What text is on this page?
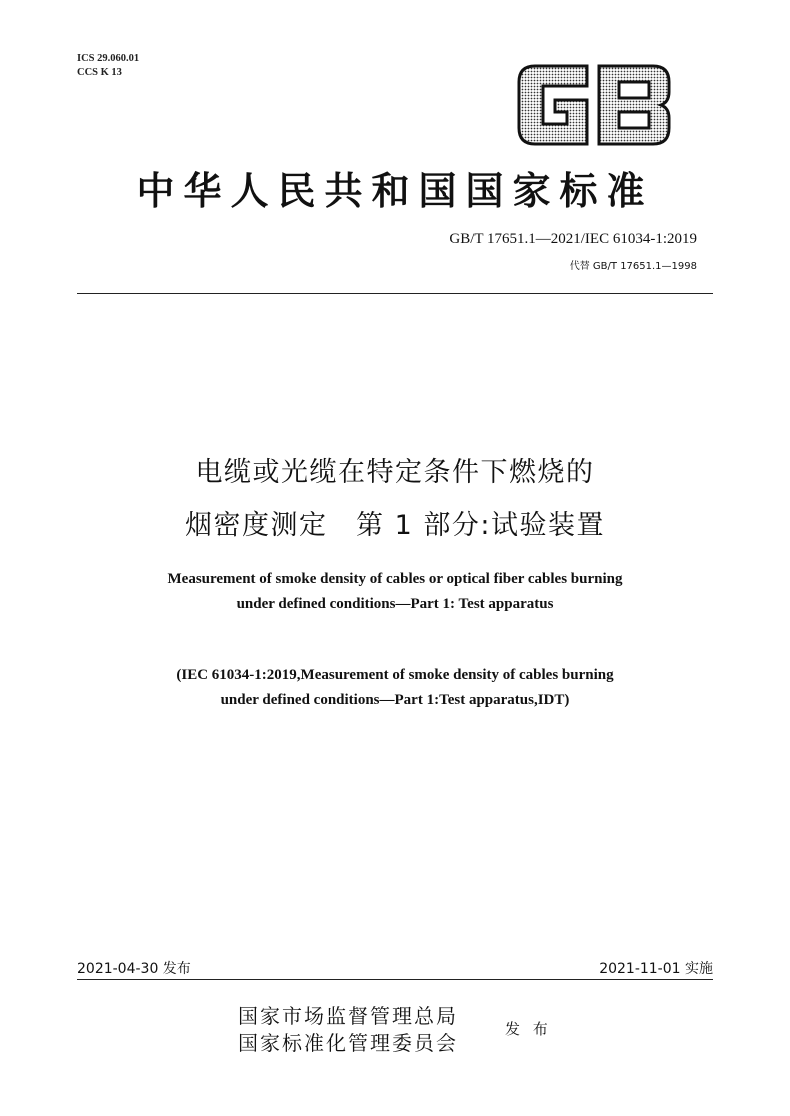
ICS 29.060.01
CCS K 13
中华人民共和国国家标准
GB/T 17651.1—2021/IEC 61034-1:2019
代替 GB/T 17651.1—1998
电缆或光缆在特定条件下燃烧的
烟密度测定　第 1 部分:试验装置
Measurement of smoke density of cables or optical fiber cables burning
under defined conditions—Part 1: Test apparatus
(IEC 61034-1:2019,Measurement of smoke density of cables burning
under defined conditions—Part 1:Test apparatus,IDT)
2021-04-30 发布	2021-11-01 实施
国家市场监督管理总局
国家标准化管理委员会
发 布
